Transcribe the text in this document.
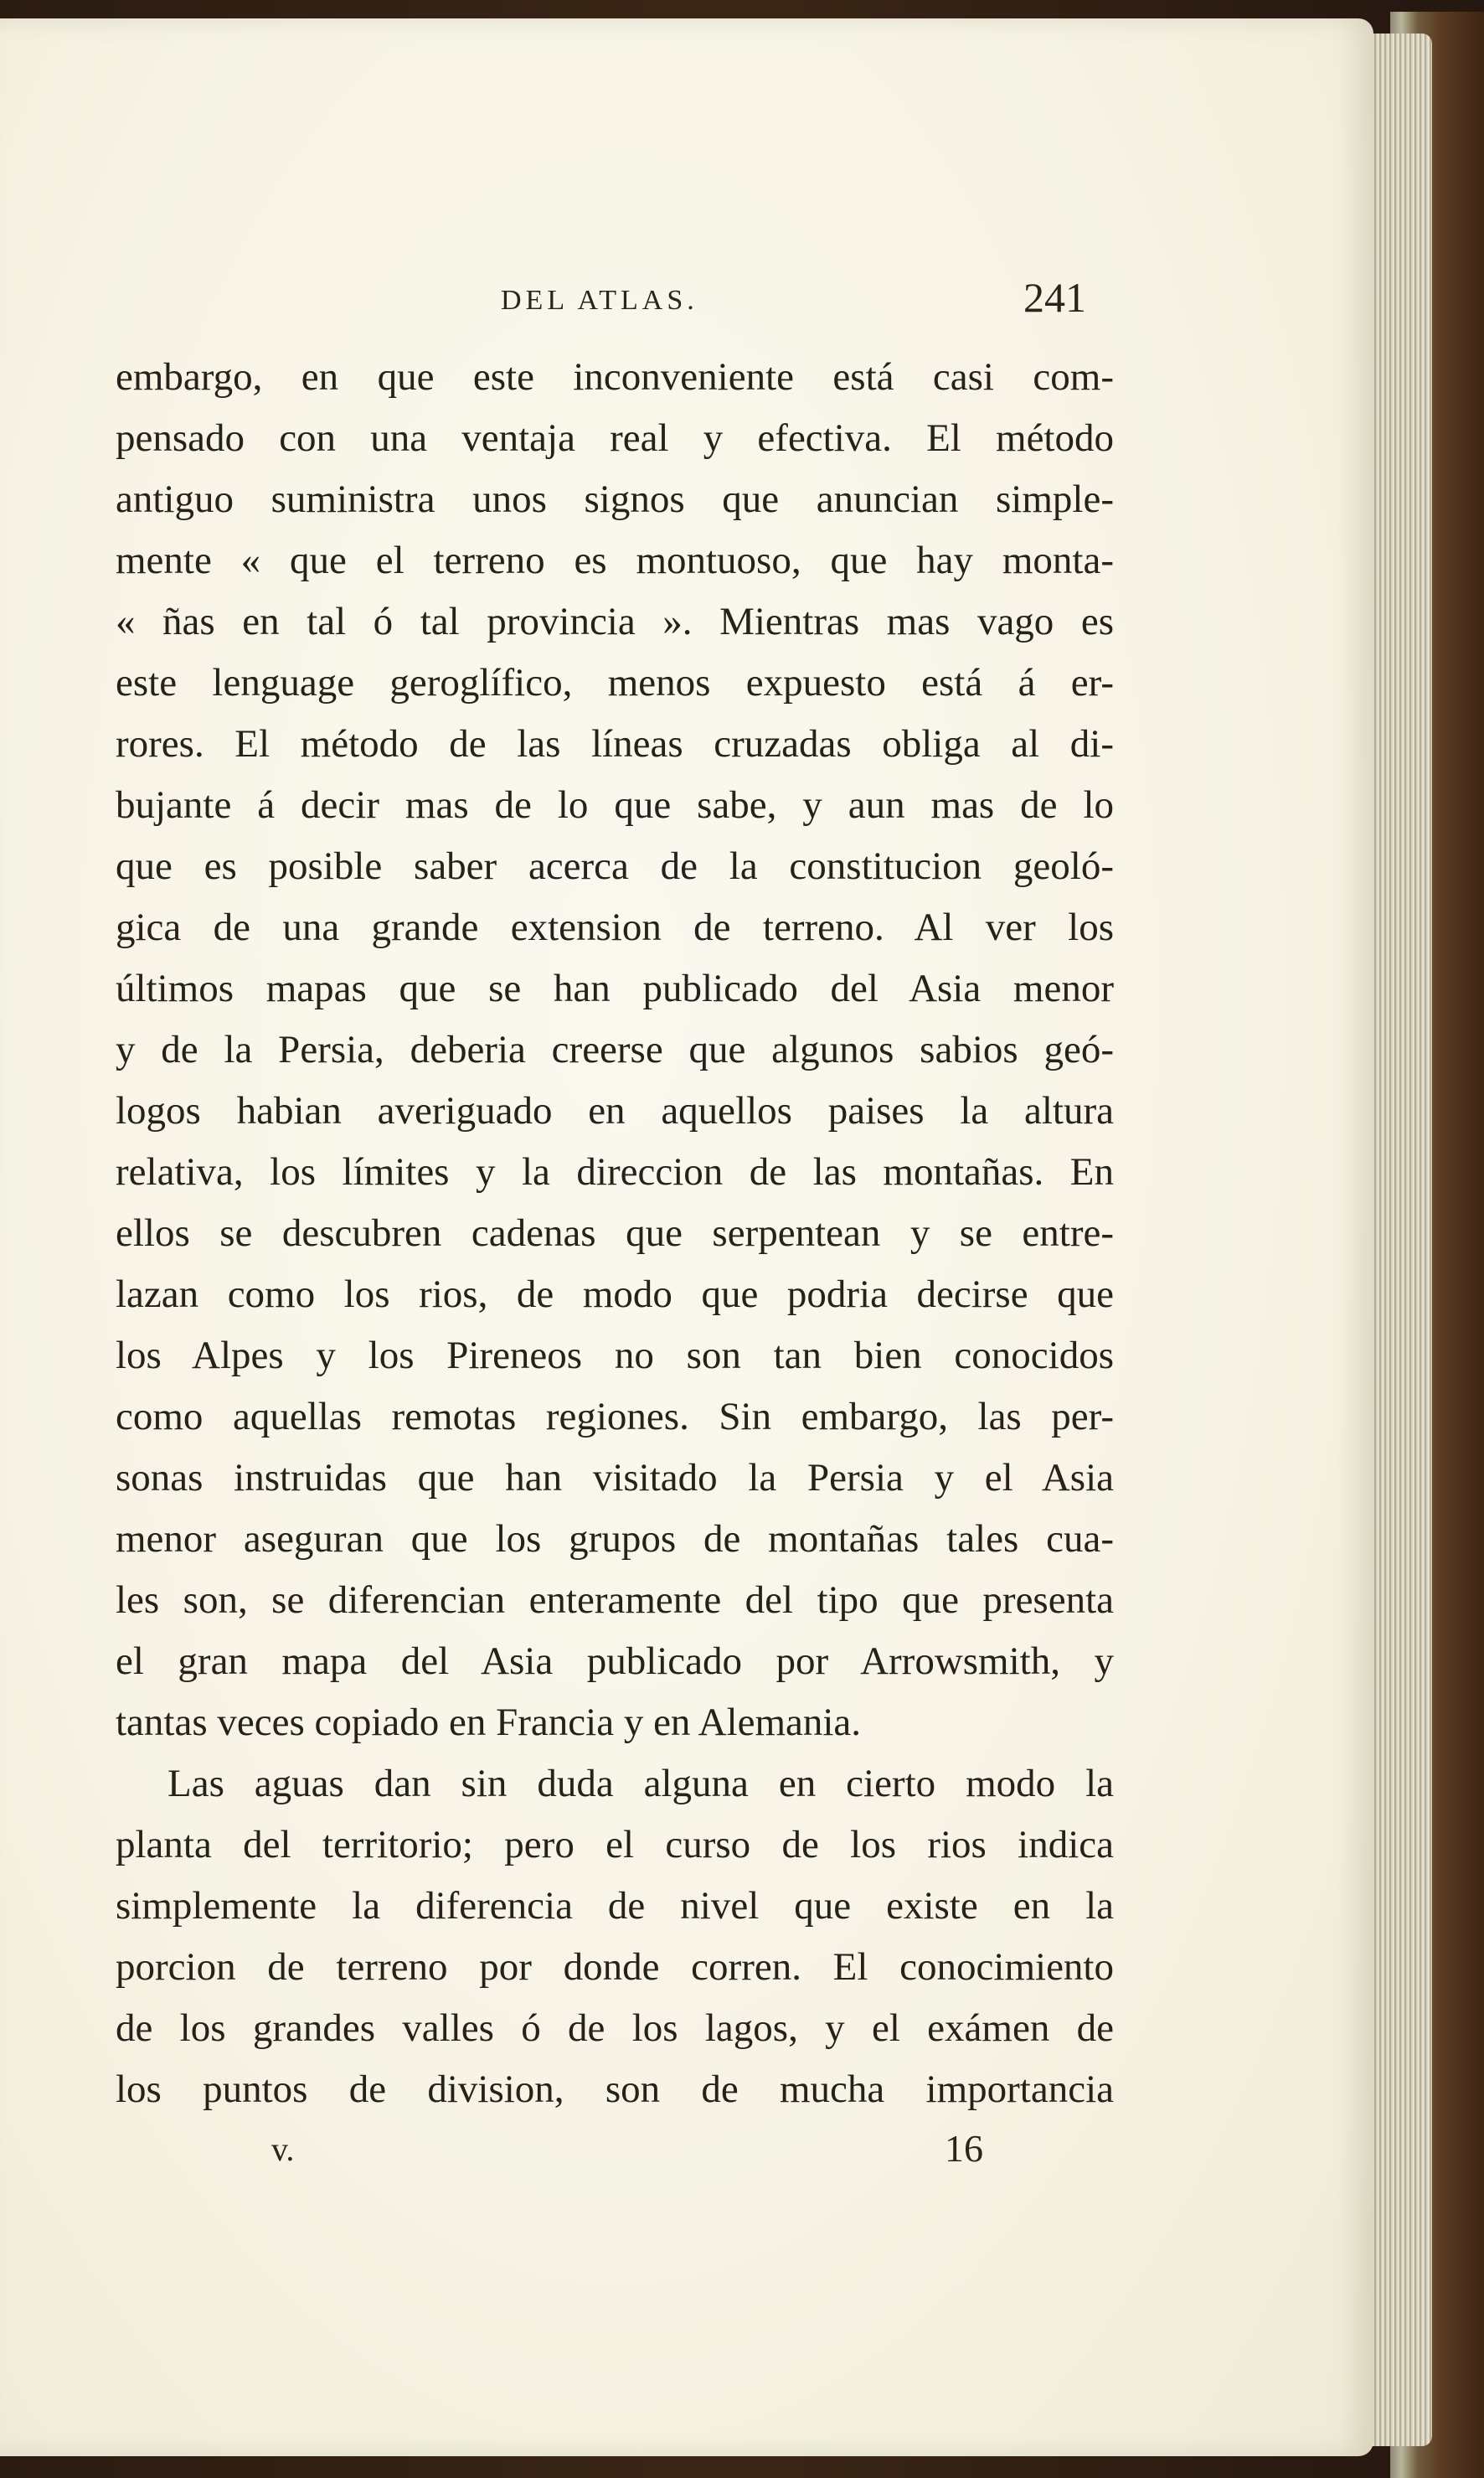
DEL ATLAS.	241
embargo, en que este inconveniente está casi com-
pensado con una ventaja real y efectiva. El método
antiguo suministra unos signos que anuncian simple-
mente « que el terreno es montuoso, que hay monta-
« ñas en tal ó tal provincia ». Mientras mas vago es
este lenguage geroglífico, menos expuesto está á er-
rores. El método de las líneas cruzadas obliga al di-
bujante á decir mas de lo que sabe, y aun mas de lo
que es posible saber acerca de la constitucion geoló-
gica de una grande extension de terreno. Al ver los
últimos mapas que se han publicado del Asia menor
y de la Persia, deberia creerse que algunos sabios geó-
logos habian averiguado en aquellos paises la altura
relativa, los límites y la direccion de las montañas. En
ellos se descubren cadenas que serpentean y se entre-
lazan como los rios, de modo que podria decirse que
los Alpes y los Pireneos no son tan bien conocidos
como aquellas remotas regiones. Sin embargo, las per-
sonas instruidas que han visitado la Persia y el Asia
menor aseguran que los grupos de montañas tales cua-
les son, se diferencian enteramente del tipo que presenta
el gran mapa del Asia publicado por Arrowsmith, y
tantas veces copiado en Francia y en Alemania.
Las aguas dan sin duda alguna en cierto modo la
planta del territorio; pero el curso de los rios indica
simplemente la diferencia de nivel que existe en la
porcion de terreno por donde corren. El conocimiento
de los grandes valles ó de los lagos, y el exámen de
los puntos de division, son de mucha importancia
v.	16
